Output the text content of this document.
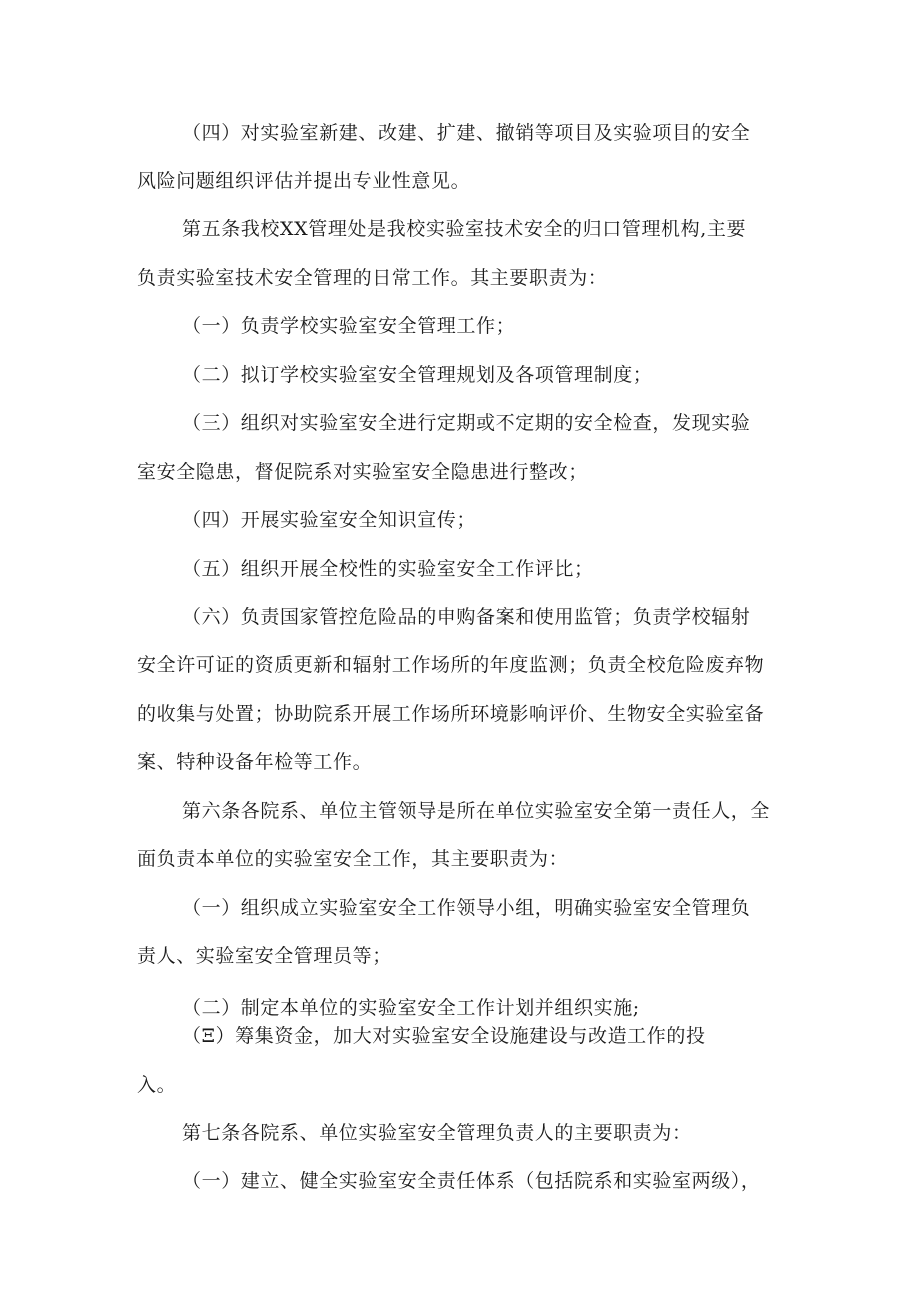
（四）对实验室新建、改建、扩建、撤销等项目及实验项目的安全
风险问题组织评估并提出专业性意见。
第五条我校XX管理处是我校实验室技术安全的归口管理机构,主要
负责实验室技术安全管理的日常工作。其主要职责为：
（一）负责学校实验室安全管理工作；
（二）拟订学校实验室安全管理规划及各项管理制度；
（三）组织对实验室安全进行定期或不定期的安全检查，发现实验
室安全隐患，督促院系对实验室安全隐患进行整改；
（四）开展实验室安全知识宣传；
（五）组织开展全校性的实验室安全工作评比；
（六）负责国家管控危险品的申购备案和使用监管；负责学校辐射
安全许可证的资质更新和辐射工作场所的年度监测；负责全校危险废弃物
的收集与处置；协助院系开展工作场所环境影响评价、生物安全实验室备
案、特种设备年检等工作。
第六条各院系、单位主管领导是所在单位实验室安全第一责任人，全
面负责本单位的实验室安全工作，其主要职责为：
（一）组织成立实验室安全工作领导小组，明确实验室安全管理负
责人、实验室安全管理员等；
（二）制定本单位的实验室安全工作计划并组织实施;
（Ξ）筹集资金，加大对实验室安全设施建设与改造工作的投
入。
第七条各院系、单位实验室安全管理负责人的主要职责为：
（一）建立、健全实验室安全责任体系（包括院系和实验室两级），
